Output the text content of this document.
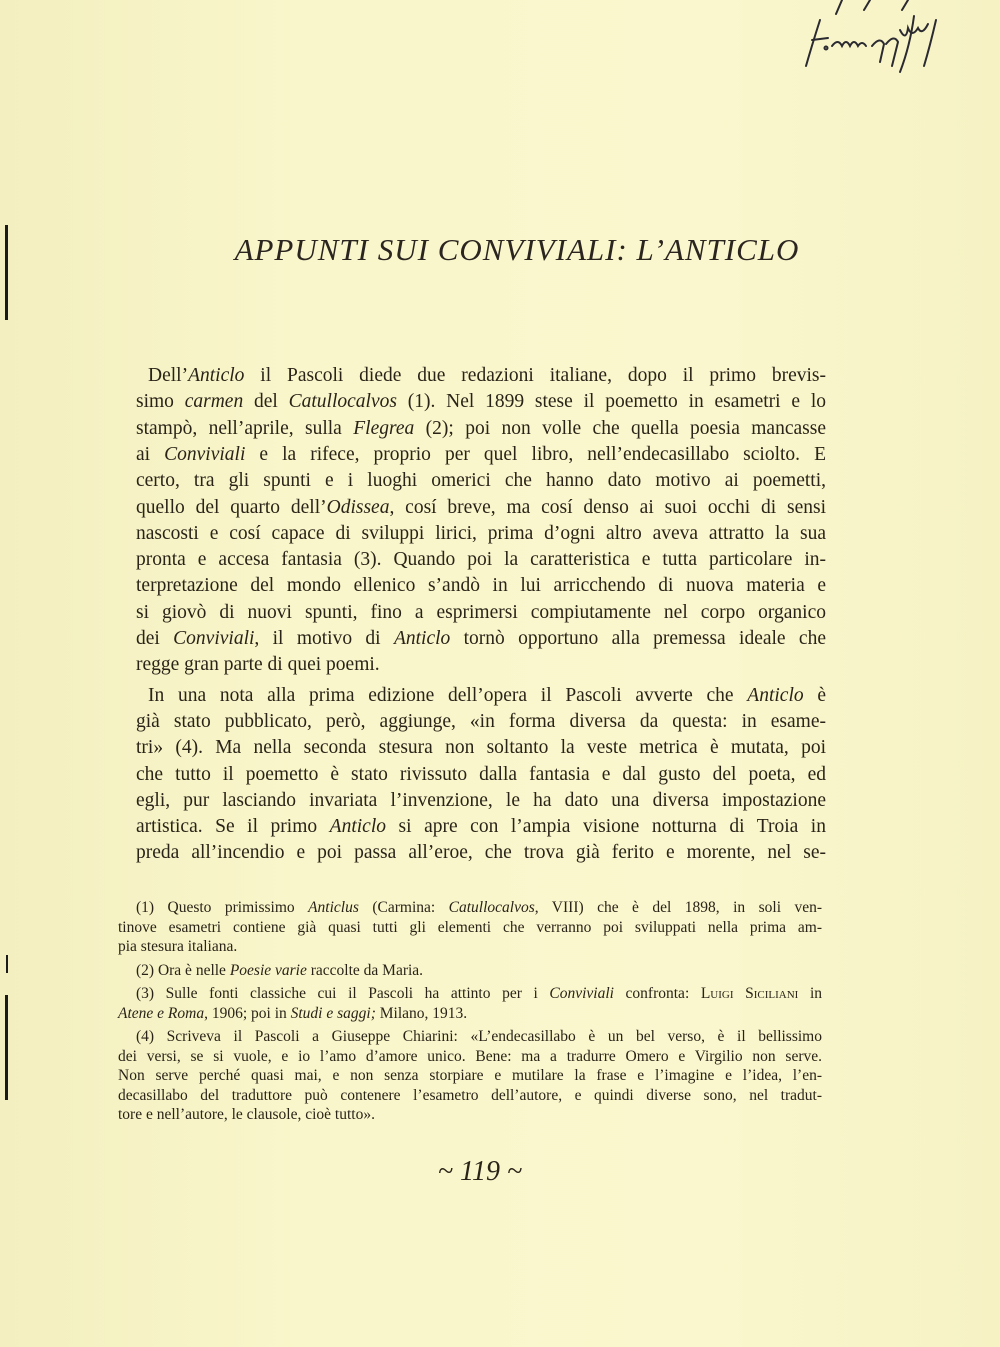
APPUNTI SUI CONVIVIALI: L’ANTICLO
Dell’Anticlo il Pascoli diede due redazioni italiane, dopo il primo brevis-
simo carmen del Catullocalvos (1). Nel 1899 stese il poemetto in esametri e lo
stampò, nell’aprile, sulla Flegrea (2); poi non volle che quella poesia mancasse
ai Conviviali e la rifece, proprio per quel libro, nell’endecasillabo sciolto. E
certo, tra gli spunti e i luoghi omerici che hanno dato motivo ai poemetti,
quello del quarto dell’Odissea, cosí breve, ma cosí denso ai suoi occhi di sensi
nascosti e cosí capace di sviluppi lirici, prima d’ogni altro aveva attratto la sua
pronta e accesa fantasia (3). Quando poi la caratteristica e tutta particolare in-
terpretazione del mondo ellenico s’andò in lui arricchendo di nuova materia e
si giovò di nuovi spunti, fino a esprimersi compiutamente nel corpo organico
dei Conviviali, il motivo di Anticlo tornò opportuno alla premessa ideale che
regge gran parte di quei poemi.
In una nota alla prima edizione dell’opera il Pascoli avverte che Anticlo è
già stato pubblicato, però, aggiunge, «in forma diversa da questa: in esame-
tri» (4). Ma nella seconda stesura non soltanto la veste metrica è mutata, poi
che tutto il poemetto è stato rivissuto dalla fantasia e dal gusto del poeta, ed
egli, pur lasciando invariata l’invenzione, le ha dato una diversa impostazione
artistica. Se il primo Anticlo si apre con l’ampia visione notturna di Troia in
preda all’incendio e poi passa all’eroe, che trova già ferito e morente, nel se-
(1) Questo primissimo Anticlus (Carmina: Catullocalvos, VIII) che è del 1898, in soli ven-
tinove esametri contiene già quasi tutti gli elementi che verranno poi sviluppati nella prima am-
pia stesura italiana.
(2) Ora è nelle Poesie varie raccolte da Maria.
(3) Sulle fonti classiche cui il Pascoli ha attinto per i Conviviali confronta: Luigi Siciliani in
Atene e Roma, 1906; poi in Studi e saggi; Milano, 1913.
(4) Scriveva il Pascoli a Giuseppe Chiarini: «L’endecasillabo è un bel verso, è il bellissimo
dei versi, se si vuole, e io l’amo d’amore unico. Bene: ma a tradurre Omero e Virgilio non serve.
Non serve perché quasi mai, e non senza storpiare e mutilare la frase e l’imagine e l’idea, l’en-
decasillabo del traduttore può contenere l’esametro dell’autore, e quindi diverse sono, nel tradut-
tore e nell’autore, le clausole, cioè tutto».
~ 119 ~
